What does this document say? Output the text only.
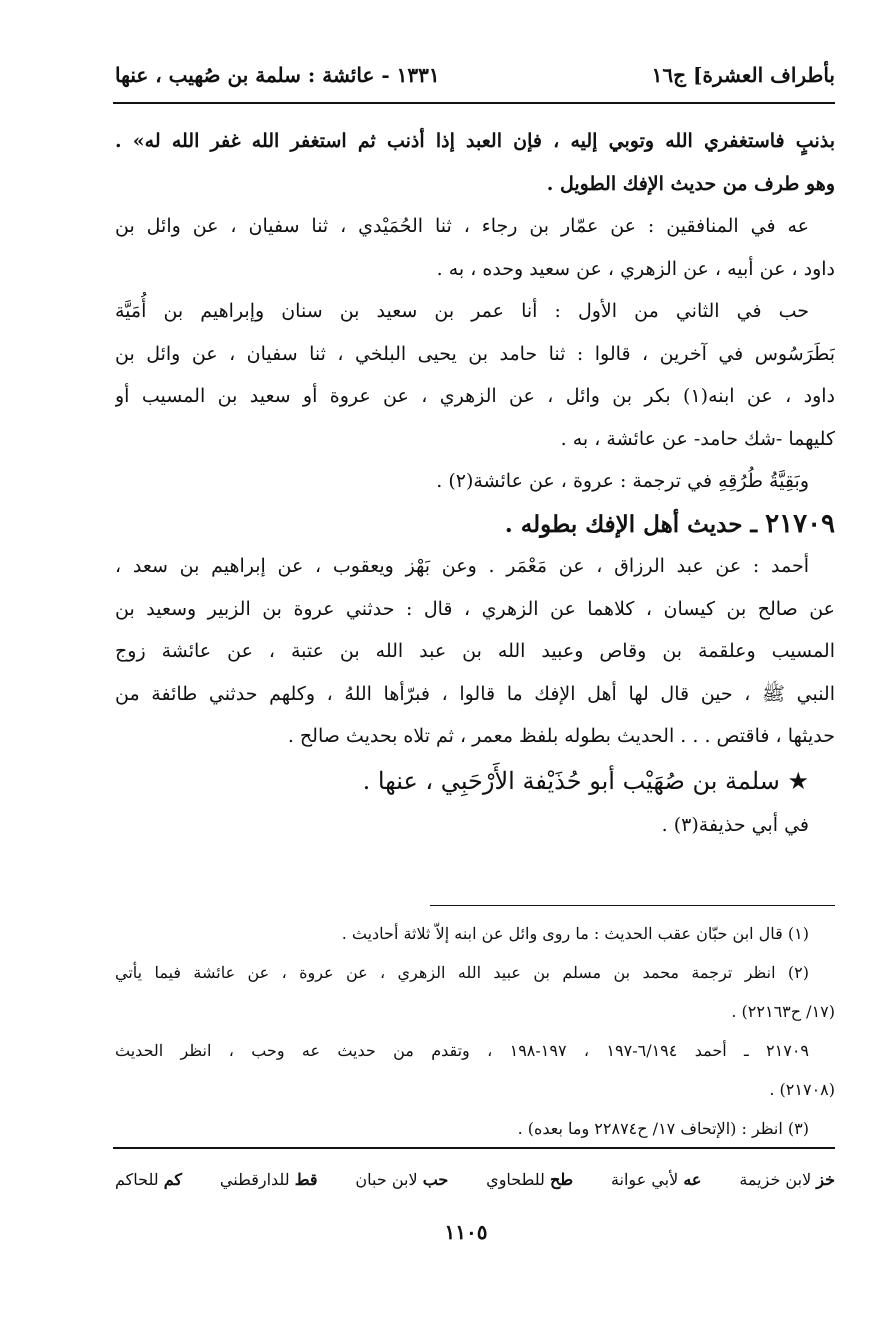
بأطراف العشرة] ج١٦
١٣٣١ - عائشة : سلمة بن صُهيب ، عنها
بذنبٍ فاستغفري الله وتوبي إليه ، فإن العبد إذا أذنب ثم استغفر الله غفر الله له» .
وهو طرف من حديث الإفك الطويل .
عه في المنافقين : عن عمّار بن رجاء ، ثنا الحُمَيْدي ، ثنا سفيان ، عن وائل بن
داود ، عن أبيه ، عن الزهري ، عن سعيد وحده ، به .
حب في الثاني من الأول : أنا عمر بن سعيد بن سنان وإبراهيم بن أُمَيَّة
بَطَرَسُوس في آخرين ، قالوا : ثنا حامد بن يحيى البلخي ، ثنا سفيان ، عن وائل بن
داود ، عن ابنه(١) بكر بن وائل ، عن الزهري ، عن عروة أو سعيد بن المسيب أو
كليهما -شك حامد- عن عائشة ، به .
وبَقِيَّةُ طُرُقِهِ في ترجمة : عروة ، عن عائشة(٢) .
٢١٧٠٩ ـ حديث أهل الإفك بطوله .
أحمد : عن عبد الرزاق ، عن مَعْمَر . وعن بَهْز ويعقوب ، عن إبراهيم بن سعد ،
عن صالح بن كيسان ، كلاهما عن الزهري ، قال : حدثني عروة بن الزبير وسعيد بن
المسيب وعلقمة بن وقاص وعبيد الله بن عبد الله بن عتبة ، عن عائشة زوج
النبي ﷺ ، حين قال لها أهل الإفك ما قالوا ، فبرّأها اللهُ ، وكلهم حدثني طائفة من
حديثها ، فاقتص . . . الحديث بطوله بلفظ معمر ، ثم تلاه بحديث صالح .
★ سلمة بن صُهَيْب أبو حُذَيْفة الأَرْحَبِي ، عنها .
في أبي حذيفة(٣) .
(١) قال ابن حبّان عقب الحديث : ما روى وائل عن ابنه إلاّ ثلاثة أحاديث .
(٢) انظر ترجمة محمد بن مسلم بن عبيد الله الزهري ، عن عروة ، عن عائشة فيما يأتي
(١٧/ ح٢٢١٦٣) .
٢١٧٠٩ ـ أحمد ٦/١٩٤-١٩٧ ، ١٩٧-١٩٨ ، وتقدم من حديث عه وحب ، انظر الحديث
(٢١٧٠٨) .
(٣) انظر : (الإتحاف ١٧/ ح٢٢٨٧٤ وما بعده) .
خز لابن خزيمة
عه لأبي عوانة
طح للطحاوي
حب لابن حبان
قط للدارقطني
كم للحاكم
١١٠٥
